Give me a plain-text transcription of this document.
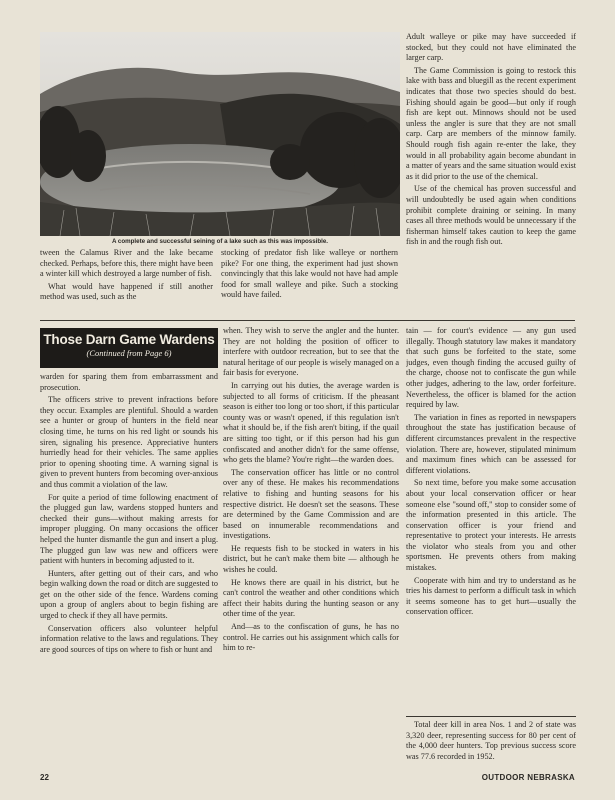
A complete and successful seining of a lake such as this was impossible.

tween the Calamus River and the lake became checked. Perhaps, before this, there might have been a winter kill which destroyed a large number of fish.

What would have happened if still another method was used, such as the

stocking of predator fish like walleye or northern pike? For one thing, the experiment had just shown convincingly that this lake would not have had ample food for small walleye and pike. Such a stocking would have failed.

Adult walleye or pike may have succeeded if stocked, but they could not have eliminated the larger carp.

The Game Commission is going to restock this lake with bass and bluegill as the recent experiment indicates that those two species should do best. Fishing should again be good—but only if rough fish are kept out. Minnows should not be used unless the angler is sure that they are not small carp. Carp are members of the minnow family. Should rough fish again re-enter the lake, they would in all probability again become abundant in a matter of years and the same situation would exist as it did prior to the use of the chemical.

Use of the chemical has proven successful and will undoubtedly be used again when conditions prohibit complete draining or seining. In many cases all three methods would be unnecessary if the fisherman himself takes caution to keep the game fish in and the rough fish out.

Those Darn Game Wardens
(Continued from Page 6)

warden for sparing them from embarrassment and prosecution.

The officers strive to prevent infractions before they occur. Examples are plentiful. Should a warden see a hunter or group of hunters in the field near closing time, he turns on his red light or sounds his siren, signaling his presence. Appreciative hunters hurriedly head for their vehicles. The same applies prior to opening shooting time. A warning signal is given to prevent hunters from becoming over-anxious and thus commit a violation of the law.

For quite a period of time following enactment of the plugged gun law, wardens stopped hunters and checked their guns—without making arrests for improper plugging. On many occasions the officer helped the hunter dismantle the gun and insert a plug. The plugged gun law was new and officers were patient with hunters in becoming adjusted to it.

Hunters, after getting out of their cars, and who begin walking down the road or ditch are suggested to get on the other side of the fence. Wardens coming upon a group of anglers about to begin fishing are urged to check if they all have permits.

Conservation officers also volunteer helpful information relative to the laws and regulations. They are good sources of tips on where to fish or hunt and

when. They wish to serve the angler and the hunter. They are not holding the position of officer to interfere with outdoor recreation, but to see that the natural heritage of our people is wisely managed on a fair basis for everyone.

In carrying out his duties, the average warden is subjected to all forms of criticism. If the pheasant season is either too long or too short, if this particular county was or wasn't opened, if this regulation isn't what it should be, if the fish aren't biting, if the quail are sitting too tight, or if this person had his gun confiscated and another didn't for the same offense, who gets the blame? You're right—the warden does.

The conservation officer has little or no control over any of these. He makes his recommendations relative to fishing and hunting seasons for his respective district. He doesn't set the seasons. These are determined by the Game Commission and are based on innumerable recommendations and investigations.

He requests fish to be stocked in waters in his district, but he can't make them bite — although he wishes he could.

He knows there are quail in his district, but he can't control the weather and other conditions which affect their habits during the hunting season or any other time of the year.

And—as to the confiscation of guns, he has no control. He carries out his assignment which calls for him to re-

tain — for court's evidence — any gun used illegally. Though statutory law makes it mandatory that such guns be forfeited to the state, some judges, even though finding the accused guilty of the charge, choose not to confiscate the gun while other judges, adhering to the law, order forfeiture. Nevertheless, the officer is blamed for the action required by law.

The variation in fines as reported in newspapers throughout the state has justification because of different circumstances prevalent in the respective violation. There are, however, stipulated minimum and maximum fines which can be assessed for different violations.

So next time, before you make some accusation about your local conservation officer or hear someone else "sound off," stop to consider some of the information presented in this article. The conservation officer is your friend and representative to protect your interests. He arrests the violator who steals from you and other sportsmen. He prevents others from making mistakes.

Cooperate with him and try to understand as he tries his darnest to perform a difficult task in which it seems someone has to get hurt—usually the conservation officer.

Total deer kill in area Nos. 1 and 2 of state was 3,320 deer, representing success for 80 per cent of the 4,000 deer hunters. Top previous success score was 77.6 recorded in 1952.

22	OUTDOOR NEBRASKA
